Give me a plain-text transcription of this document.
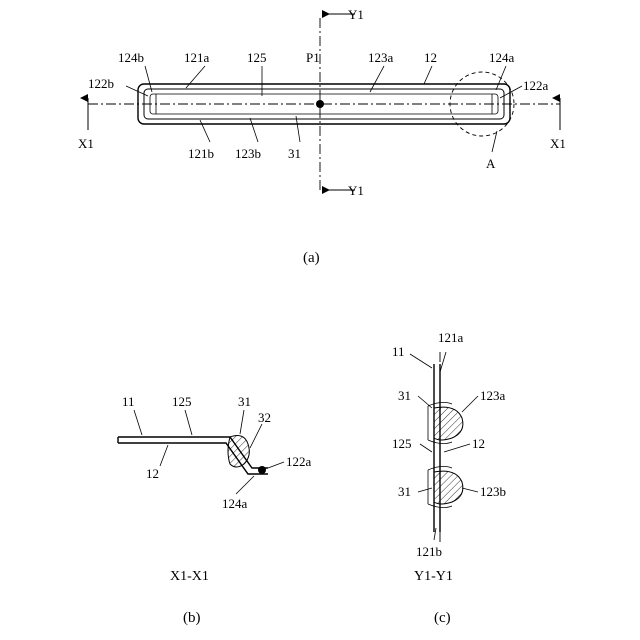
124b	121a	125	P1	123a 12	124a
122a
122b
121b 123b 31
A
Y1
Y1
X1	X1
(a)
11	125	31
32
122a
12
124a
X1-X1
(b)
11
121a
31	123a
125	12
31	123b
121b
Y1-Y1
(c)
